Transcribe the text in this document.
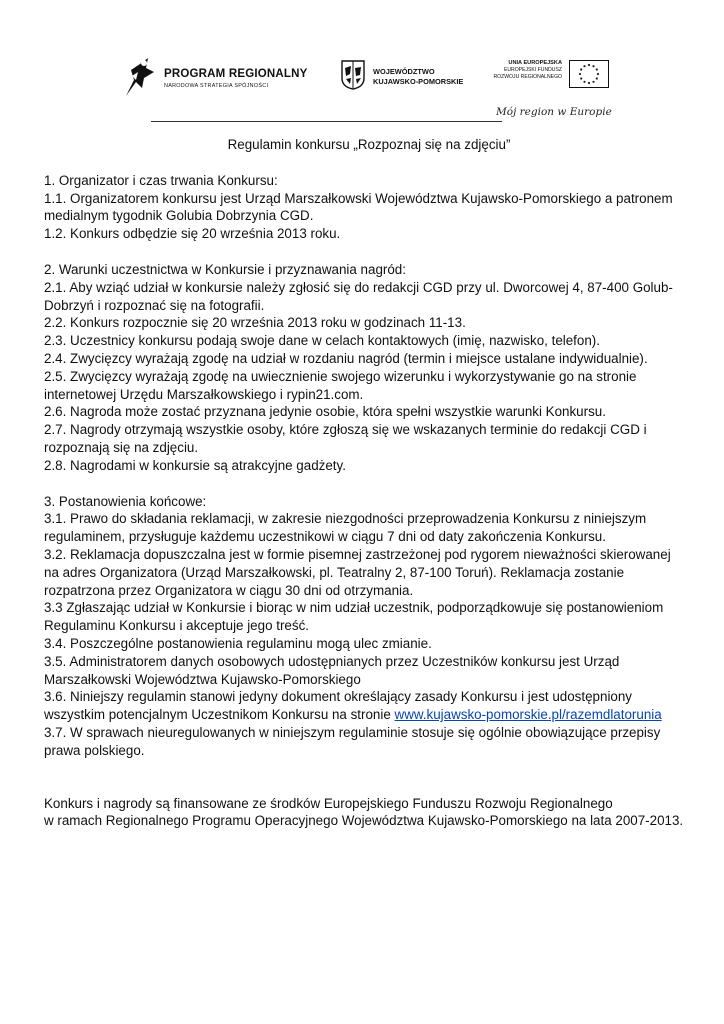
PROGRAM REGIONALNY
NARODOWA STRATEGIA SPÓJNOŚCI
WOJEWÓDZTWO
KUJAWSKO-POMORSKIE
UNIA EUROPEJSKA
EUROPEJSKI FUNDUSZ
ROZWOJU REGIONALNEGO
Mój region w Europie

Regulamin konkursu „Rozpoznaj się na zdjęciu”

1. Organizator i czas trwania Konkursu:

1.1. Organizatorem konkursu jest Urząd Marszałkowski Województwa Kujawsko-Pomorskiego a patronem

medialnym tygodnik Golubia Dobrzynia CGD.

1.2. Konkurs odbędzie się 20 września 2013 roku.

2. Warunki uczestnictwa w Konkursie i przyznawania nagród:

2.1. Aby wziąć udział w konkursie należy zgłosić się do redakcji CGD przy ul. Dworcowej 4, 87-400 Golub-

Dobrzyń i rozpoznać się na fotografii.

2.2. Konkurs rozpocznie się 20 września 2013 roku w godzinach 11-13.

2.3. Uczestnicy konkursu podają swoje dane w celach kontaktowych (imię, nazwisko, telefon).

2.4. Zwycięzcy wyrażają zgodę na udział w rozdaniu nagród (termin i miejsce ustalane indywidualnie).

2.5. Zwycięzcy wyrażają zgodę na uwiecznienie swojego wizerunku i wykorzystywanie go na stronie

internetowej Urzędu Marszałkowskiego i rypin21.com.

2.6. Nagroda może zostać przyznana jedynie osobie, która spełni wszystkie warunki Konkursu.

2.7. Nagrody otrzymają wszystkie osoby, które zgłoszą się we wskazanych terminie do redakcji CGD i

rozpoznają się na zdjęciu.

2.8. Nagrodami w konkursie są atrakcyjne gadżety.

3. Postanowienia końcowe:

3.1. Prawo do składania reklamacji, w zakresie niezgodności przeprowadzenia Konkursu z niniejszym

regulaminem, przysługuje każdemu uczestnikowi w ciągu 7 dni od daty zakończenia Konkursu.

3.2. Reklamacja dopuszczalna jest w formie pisemnej zastrzeżonej pod rygorem nieważności skierowanej

na adres Organizatora (Urząd Marszałkowski, pl. Teatralny 2, 87-100 Toruń). Reklamacja zostanie

rozpatrzona przez Organizatora w ciągu 30 dni od otrzymania.

3.3 Zgłaszając udział w Konkursie i biorąc w nim udział uczestnik, podporządkowuje się postanowieniom

Regulaminu Konkursu i akceptuje jego treść.

3.4. Poszczególne postanowienia regulaminu mogą ulec zmianie.

3.5. Administratorem danych osobowych udostępnianych przez Uczestników konkursu jest Urząd

Marszałkowski Województwa Kujawsko-Pomorskiego

3.6. Niniejszy regulamin stanowi jedyny dokument określający zasady Konkursu i jest udostępniony

wszystkim potencjalnym Uczestnikom Konkursu na stronie www.kujawsko-pomorskie.pl/razemdlatorunia

3.7. W sprawach nieuregulowanych w niniejszym regulaminie stosuje się ogólnie obowiązujące przepisy

prawa polskiego.

Konkurs i nagrody są finansowane ze środków Europejskiego Funduszu Rozwoju Regionalnego

w ramach Regionalnego Programu Operacyjnego Województwa Kujawsko-Pomorskiego na lata 2007-2013.
